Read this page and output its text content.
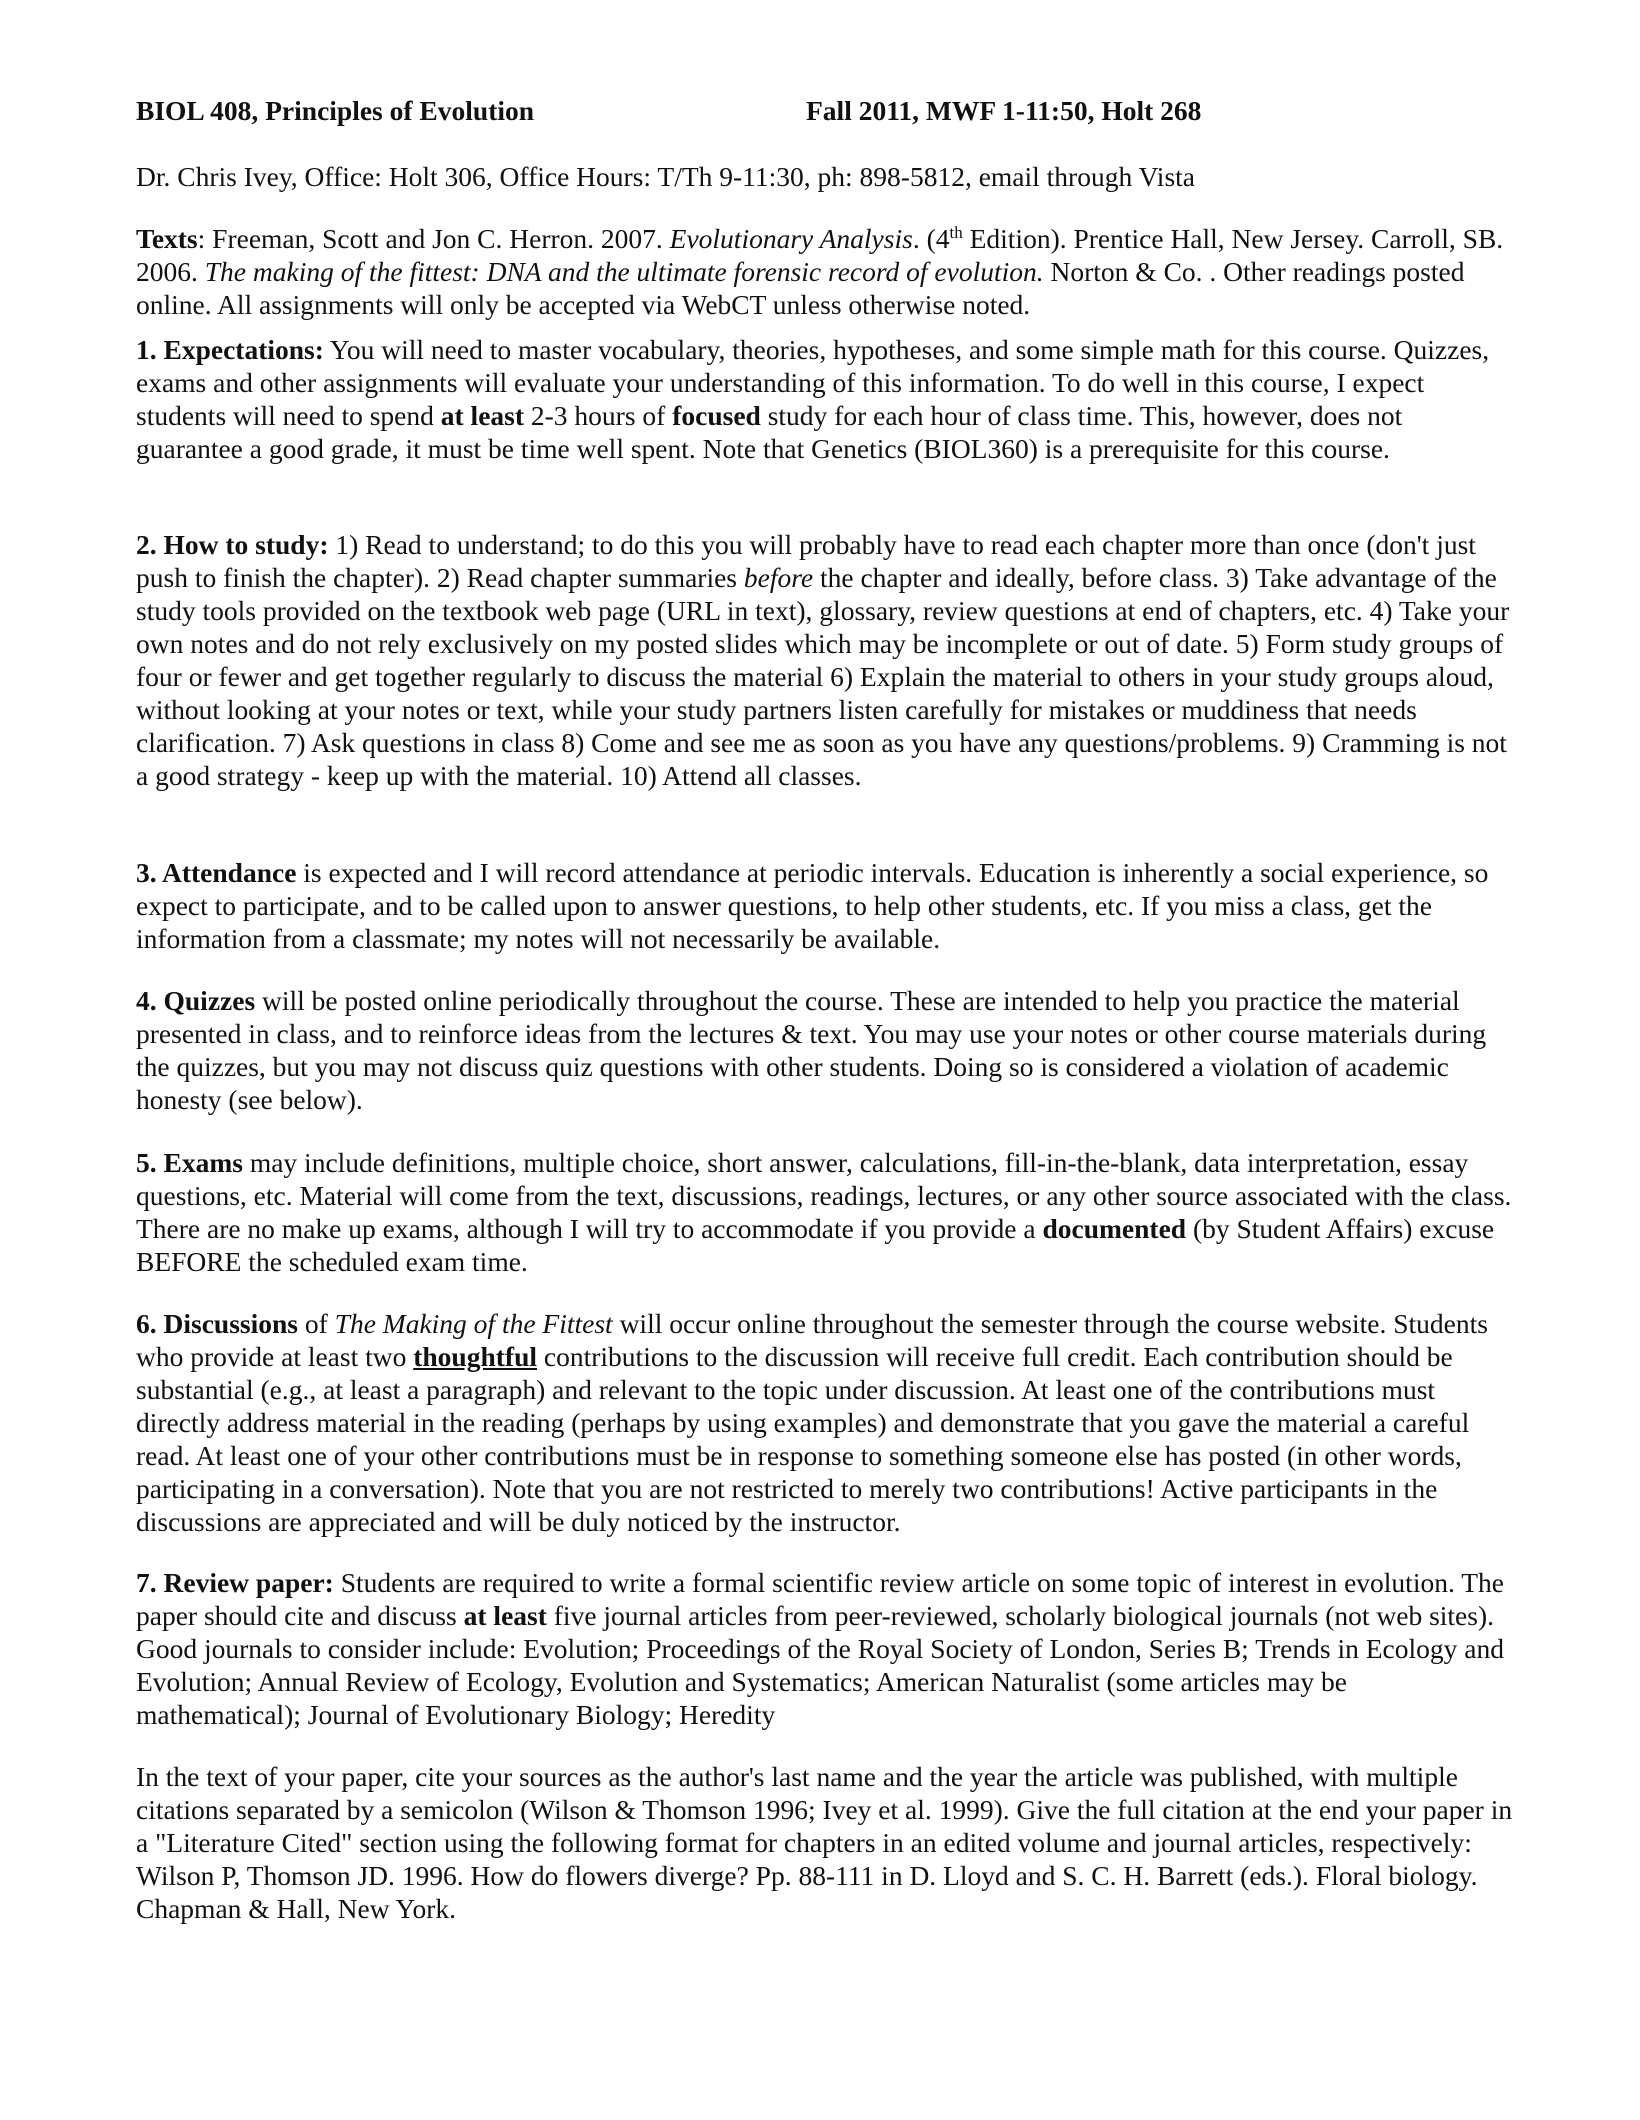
BIOL 408, Principles of Evolution	Fall 2011, MWF 1-11:50, Holt 268

Dr. Chris Ivey, Office: Holt 306, Office Hours: T/Th 9-11:30, ph: 898-5812, email through Vista

Texts: Freeman, Scott and Jon C. Herron. 2007. Evolutionary Analysis. (4th Edition). Prentice Hall, New Jersey. Carroll, SB. 2006. The making of the fittest: DNA and the ultimate forensic record of evolution. Norton & Co. . Other readings posted online. All assignments will only be accepted via WebCT unless otherwise noted.

1. Expectations: You will need to master vocabulary, theories, hypotheses, and some simple math for this course. Quizzes, exams and other assignments will evaluate your understanding of this information. To do well in this course, I expect students will need to spend at least 2-3 hours of focused study for each hour of class time. This, however, does not guarantee a good grade, it must be time well spent. Note that Genetics (BIOL360) is a prerequisite for this course.

2. How to study: 1) Read to understand; to do this you will probably have to read each chapter more than once (don't just push to finish the chapter). 2) Read chapter summaries before the chapter and ideally, before class. 3) Take advantage of the study tools provided on the textbook web page (URL in text), glossary, review questions at end of chapters, etc. 4) Take your own notes and do not rely exclusively on my posted slides which may be incomplete or out of date. 5) Form study groups of four or fewer and get together regularly to discuss the material 6) Explain the material to others in your study groups aloud, without looking at your notes or text, while your study partners listen carefully for mistakes or muddiness that needs clarification. 7) Ask questions in class 8) Come and see me as soon as you have any questions/problems. 9) Cramming is not a good strategy - keep up with the material. 10) Attend all classes.

3. Attendance is expected and I will record attendance at periodic intervals. Education is inherently a social experience, so expect to participate, and to be called upon to answer questions, to help other students, etc. If you miss a class, get the information from a classmate; my notes will not necessarily be available.

4. Quizzes will be posted online periodically throughout the course. These are intended to help you practice the material presented in class, and to reinforce ideas from the lectures & text. You may use your notes or other course materials during the quizzes, but you may not discuss quiz questions with other students. Doing so is considered a violation of academic honesty (see below).

5. Exams may include definitions, multiple choice, short answer, calculations, fill-in-the-blank, data interpretation, essay questions, etc. Material will come from the text, discussions, readings, lectures, or any other source associated with the class. There are no make up exams, although I will try to accommodate if you provide a documented (by Student Affairs) excuse BEFORE the scheduled exam time.

6. Discussions of The Making of the Fittest will occur online throughout the semester through the course website. Students who provide at least two thoughtful contributions to the discussion will receive full credit. Each contribution should be substantial (e.g., at least a paragraph) and relevant to the topic under discussion. At least one of the contributions must directly address material in the reading (perhaps by using examples) and demonstrate that you gave the material a careful read. At least one of your other contributions must be in response to something someone else has posted (in other words, participating in a conversation). Note that you are not restricted to merely two contributions! Active participants in the discussions are appreciated and will be duly noticed by the instructor.

7. Review paper: Students are required to write a formal scientific review article on some topic of interest in evolution. The paper should cite and discuss at least five journal articles from peer-reviewed, scholarly biological journals (not web sites). Good journals to consider include: Evolution; Proceedings of the Royal Society of London, Series B; Trends in Ecology and Evolution; Annual Review of Ecology, Evolution and Systematics; American Naturalist (some articles may be mathematical); Journal of Evolutionary Biology; Heredity

In the text of your paper, cite your sources as the author's last name and the year the article was published, with multiple citations separated by a semicolon (Wilson & Thomson 1996; Ivey et al. 1999). Give the full citation at the end your paper in a "Literature Cited" section using the following format for chapters in an edited volume and journal articles, respectively:

Wilson P, Thomson JD. 1996. How do flowers diverge? Pp. 88-111 in D. Lloyd and S. C. H. Barrett (eds.). Floral biology. Chapman & Hall, New York.
